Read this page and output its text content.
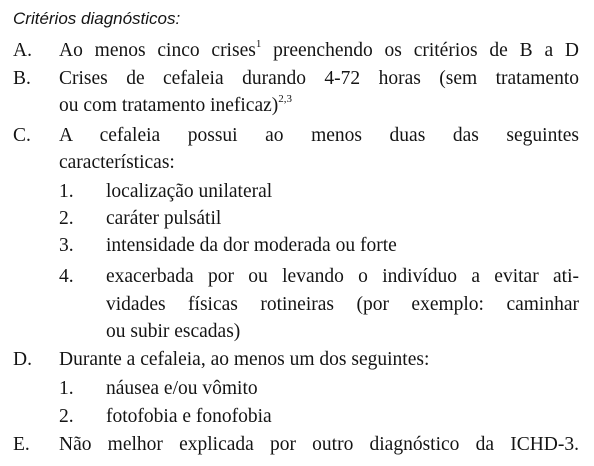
Critérios diagnósticos:
A. Ao menos cinco crises$^1$ preenchendo os critérios de B a D
B. Crises de cefaleia durando 4-72 horas (sem tratamento
ou com tratamento ineficaz)$^{2,3}$
C. A cefaleia possui ao menos duas das seguintes
características:
1. localização unilateral
2. caráter pulsátil
3. intensidade da dor moderada ou forte
4. exacerbada por ou levando o indivíduo a evitar ati-
vidades físicas rotineiras (por exemplo: caminhar
ou subir escadas)
D. Durante a cefaleia, ao menos um dos seguintes:
1. náusea e/ou vômito
2. fotofobia e fonofobia
E. Não melhor explicada por outro diagnóstico da ICHD-3.
